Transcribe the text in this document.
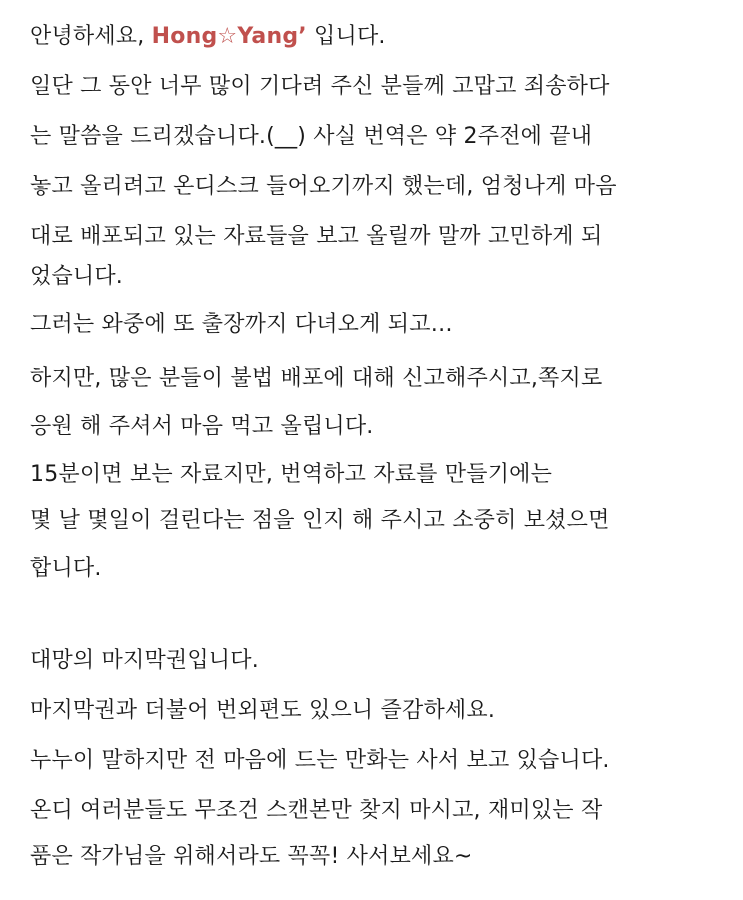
안녕하세요, Hong☆Yang’ 입니다.
일단 그 동안 너무 많이 기다려 주신 분들께 고맙고 죄송하다
는 말씀을 드리겠습니다.(__) 사실 번역은 약 2주전에 끝내
놓고 올리려고 온디스크 들어오기까지 했는데, 엄청나게 마음
대로 배포되고 있는 자료들을 보고 올릴까 말까 고민하게 되
었습니다.
그러는 와중에 또 출장까지 다녀오게 되고…
하지만, 많은 분들이 불법 배포에 대해 신고해주시고,쪽지로
응원 해 주셔서 마음 먹고 올립니다.
15분이면 보는 자료지만, 번역하고 자료를 만들기에는
몇 날 몇일이 걸린다는 점을 인지 해 주시고 소중히 보셨으면
합니다.
대망의 마지막권입니다.
마지막권과 더불어 번외편도 있으니 즐감하세요.
누누이 말하지만 전 마음에 드는 만화는 사서 보고 있습니다.
온디 여러분들도 무조건 스캔본만 찾지 마시고, 재미있는 작
품은 작가님을 위해서라도 꼭꼭! 사서보세요~
